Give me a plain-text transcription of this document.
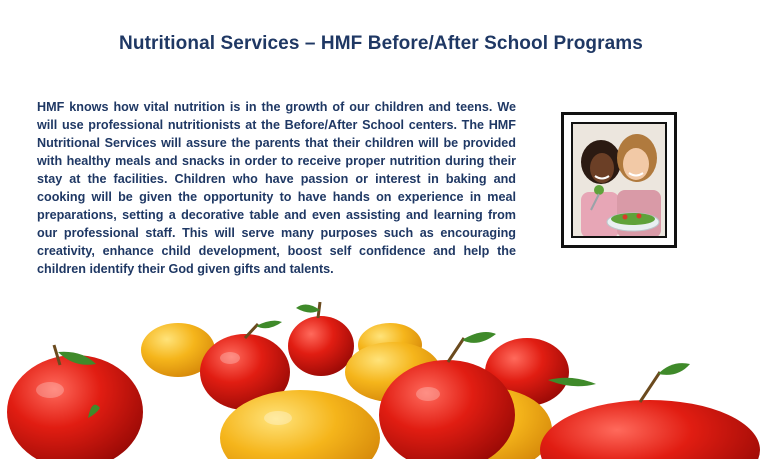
Nutritional Services – HMF Before/After School Programs
HMF knows how vital nutrition is in the growth of our children and teens. We will use professional nutritionists at the Before/After School centers. The HMF Nutritional Services will assure the parents that their children will be provided with healthy meals and snacks in order to receive proper nutrition during their stay at the facilities. Children who have passion or interest in baking and cooking will be given the opportunity to have hands on experience in meal preparations, setting a decorative table and even assisting and learning from our professional staff. This will serve many purposes such as encouraging creativity, enhance child development, boost self confidence and help the children identify their God given gifts and talents.
